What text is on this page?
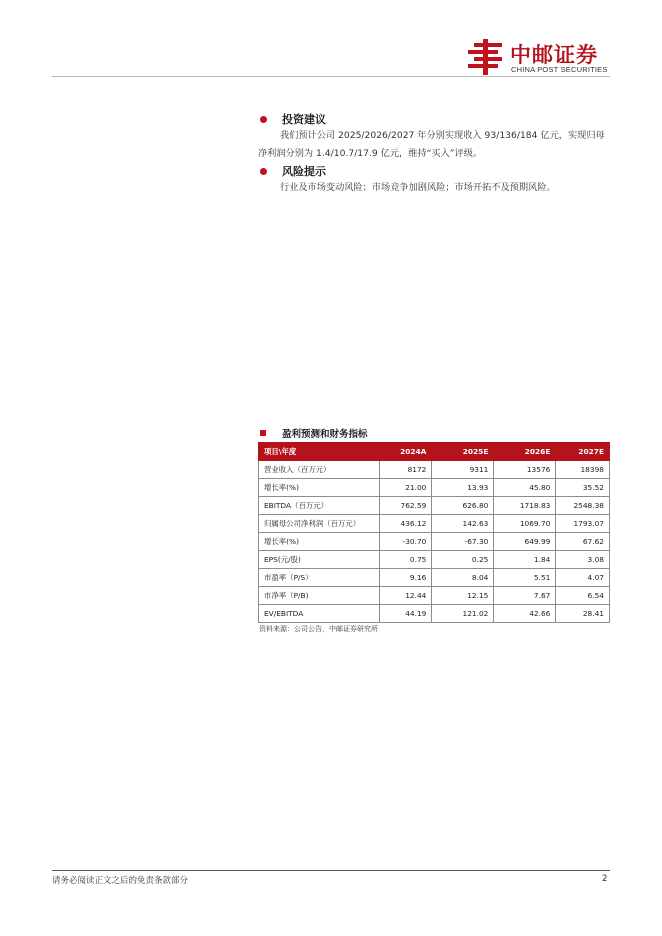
中邮证券
CHINA POST SECURITIES
投资建议

我们预计公司 2025/2026/2027 年分别实现收入 93/136/184 亿元，实现归母净利润分别为 1.4/10.7/17.9 亿元，维持“买入”评级。

风险提示

行业及市场变动风险；市场竞争加剧风险；市场开拓不及预期风险。

盈利预测和财务指标
项目\年度	2024A	2025E	2026E	2027E
营业收入（百万元）	8172	9311	13576	18398
增长率(%)	21.00	13.93	45.80	35.52
EBITDA（百万元）	762.59	626.80	1718.83	2548.38
归属母公司净利润（百万元）	436.12	142.63	1069.70	1793.07
增长率(%)	-30.70	-67.30	649.99	67.62
EPS(元/股)	0.75	0.25	1.84	3.08
市盈率（P/S）	9.16	8.04	5.51	4.07
市净率（P/B)	12.44	12.15	7.67	6.54
EV/EBITDA	44.19	121.02	42.66	28.41
资料来源：公司公告，中邮证券研究所
请务必阅读正文之后的免责条款部分	2
